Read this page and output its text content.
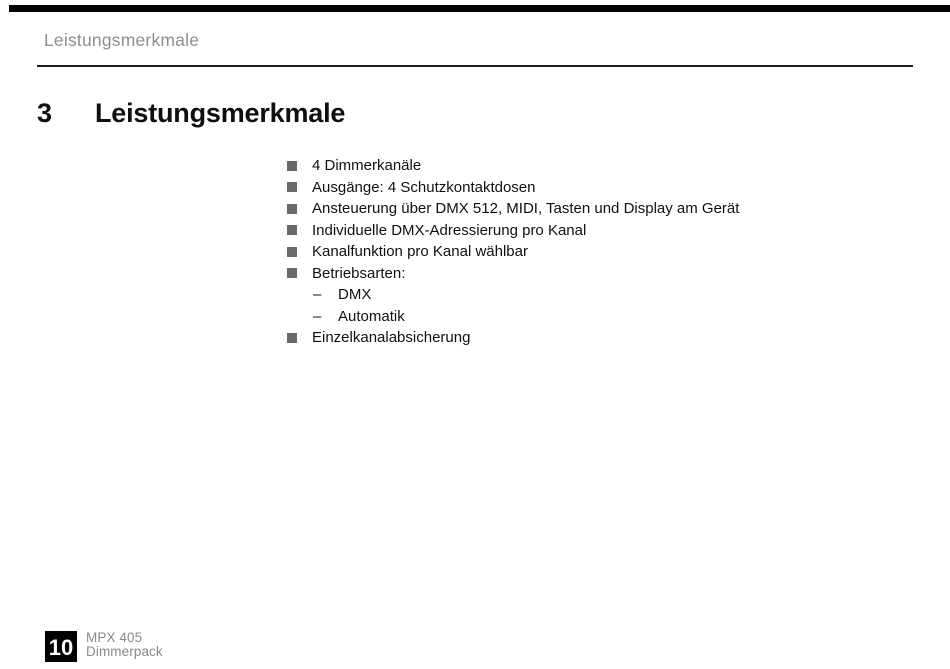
Leistungsmerkmale
3	Leistungsmerkmale
4 Dimmerkanäle
Ausgänge: 4 Schutzkontaktdosen
Ansteuerung über DMX 512, MIDI, Tasten und Display am Gerät
Individuelle DMX-Adressierung pro Kanal
Kanalfunktion pro Kanal wählbar
Betriebsarten:
–	DMX
–	Automatik
Einzelkanalabsicherung
10 MPX 405
Dimmerpack
